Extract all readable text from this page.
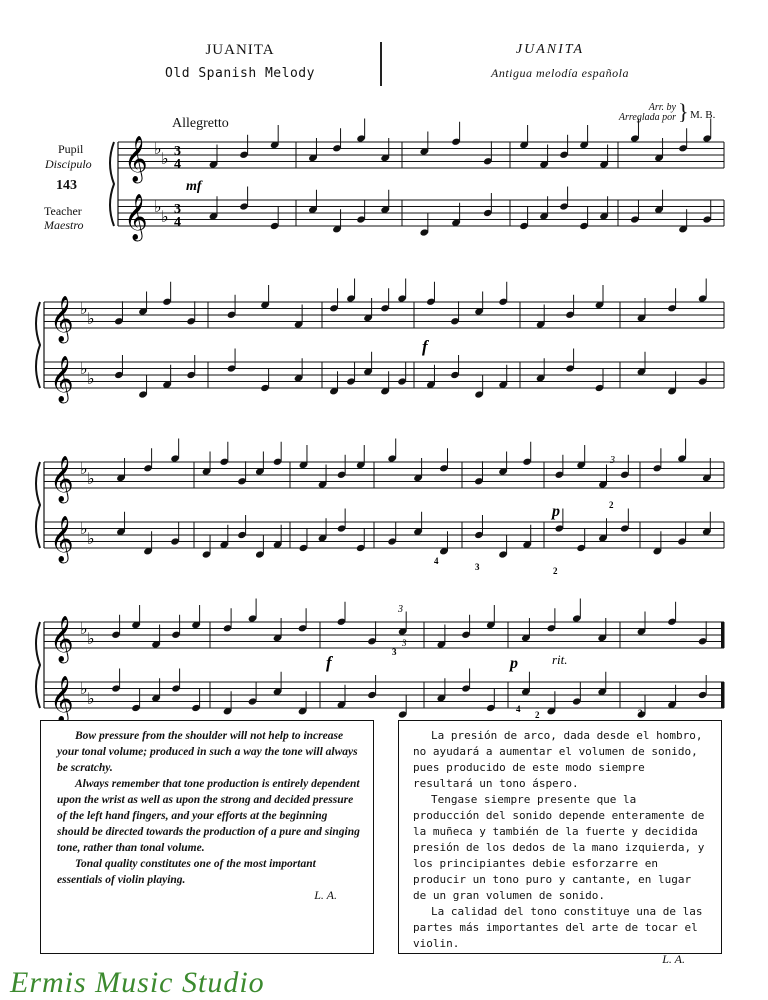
JUANITA
Old Spanish Melody
JUANITA
Antigua melodía española
Arr. by
Arreglada por } M. B.
Allegretto
Pupil
Discipulo
143
Teacher
Maestro
𝄞 ♭
♭ 3
4
𝄞 ♭
♭ 3
4
𝄞 ♭
♭
𝄞 ♭
♭
𝄞 ♭
♭
𝄞 ♭
♭
𝄞 ♭
♭
𝄞 ♭
♭
mf
f
p
f	p	rit.
4
3	2
3
2
4
2	2
3
3
3

Bow pressure from the shoulder will not help to increase your tonal volume; produced in such a way the tone will always be scratchy.

Always remember that tone production is entirely dependent upon the wrist as well as upon the strong and decided pressure of the left hand fingers, and your efforts at the beginning should be directed towards the production of a pure and singing tone, rather than tonal volume.

Tonal quality constitutes one of the most important essentials of violin playing.

L. A.

La presión de arco, dada desde el hombro, no ayudará a aumentar el volumen de sonido, pues producido de este modo siempre resultará un tono áspero.

Tengase siempre presente que la producción del sonido depende enteramente de la muñeca y también de la fuerte y decidida presión de los dedos de la mano izquierda, y los principiantes debie esforzarre en producir un tono puro y cantante, en lugar de un gran volumen de sonido.

La calidad del tono constituye una de las partes más importantes del arte de tocar el violin.

L. A.
Ermis Music Studio
